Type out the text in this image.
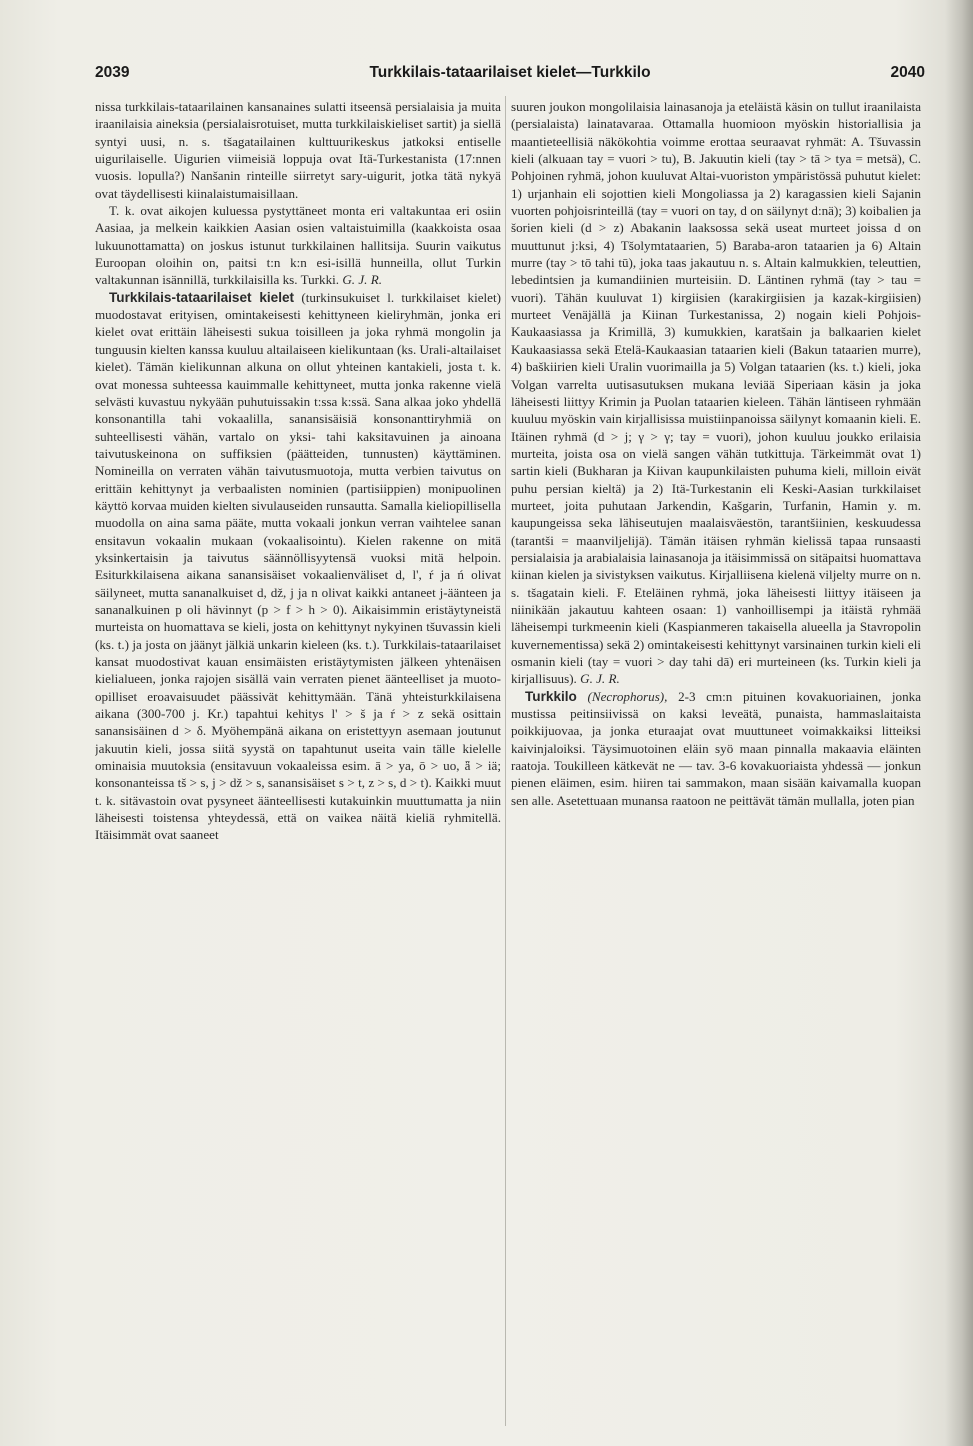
2039	Turkkilais-tataarilaiset kielet—Turkkilo	2040

nissa turkkilais-tataarilainen kansanaines sulatti itseensä persialaisia ja muita iraanilaisia aineksia (persialaisrotuiset, mutta turkkilaiskieliset sartit) ja siellä syntyi uusi, n. s. tšagatailainen kulttuurikeskus jatkoksi entiselle uigurilaiselle. Uigurien viimeisiä loppuja ovat Itä-Turkestanista (17:nnen vuosis. lopulla?) Nanšanin rinteille siirretyt sary-uigurit, jotka tätä nykyä ovat täydellisesti kiinalaistumaisillaan.

T. k. ovat aikojen kuluessa pystyttäneet monta eri valtakuntaa eri osiin Aasiaa, ja melkein kaikkien Aasian osien valtaistuimilla (kaakkoista osaa lukuunottamatta) on joskus istunut turkkilainen hallitsija. Suurin vaikutus Euroopan oloihin on, paitsi t:n k:n esi-isillä hunneilla, ollut Turkin valtakunnan isännillä, turkkilaisilla ks. Turkki. G. J. R.

Turkkilais-tataarilaiset kielet (turkinsukuiset l. turkkilaiset kielet) muodostavat erityisen, omintakeisesti kehittyneen kieliryhmän, jonka eri kielet ovat erittäin läheisesti sukua toisilleen ja joka ryhmä mongolin ja tunguusin kielten kanssa kuuluu altailaiseen kielikuntaan (ks. Urali-altailaiset kielet). Tämän kielikunnan alkuna on ollut yhteinen kantakieli, josta t. k. ovat monessa suhteessa kauimmalle kehittyneet, mutta jonka rakenne vielä selvästi kuvastuu nykyään puhutuissakin t:ssa k:ssä. Sana alkaa joko yhdellä konsonantilla tahi vokaalilla, sanansisäisiä konsonanttiryhmiä on suhteellisesti vähän, vartalo on yksi- tahi kaksitavuinen ja ainoana taivutuskeinona on suffiksien (päätteiden, tunnusten) käyttäminen. Nomineilla on verraten vähän taivutusmuotoja, mutta verbien taivutus on erittäin kehittynyt ja verbaalisten nominien (partisiippien) monipuolinen käyttö korvaa muiden kielten sivulauseiden runsautta. Samalla kieliopillisella muodolla on aina sama pääte, mutta vokaali jonkun verran vaihtelee sanan ensitavun vokaalin mukaan (vokaalisointu). Kielen rakenne on mitä yksinkertaisin ja taivutus säännöllisyytensä vuoksi mitä helpoin. Esiturkkilaisena aikana sanansisäiset vokaalienväliset d, l', ŕ ja ń olivat säilyneet, mutta sananalkuiset d, dž, j ja n olivat kaikki antaneet j-äänteen ja sananalkuinen p oli hävinnyt (p > f > h > 0). Aikaisimmin eristäytyneistä murteista on huomattava se kieli, josta on kehittynyt nykyinen tšuvassin kieli (ks. t.) ja josta on jäänyt jälkiä unkarin kieleen (ks. t.). Turkkilais-tataarilaiset kansat muodostivat kauan ensimäisten eristäytymisten jälkeen yhtenäisen kielialueen, jonka rajojen sisällä vain verraten pienet äänteelliset ja muoto-opilliset eroavaisuudet päässivät kehittymään. Tänä yhteisturkkilaisena aikana (300-700 j. Kr.) tapahtui kehitys l' > š ja ŕ > z sekä osittain sanansisäinen d > δ. Myöhempänä aikana on eristettyyn asemaan joutunut jakuutin kieli, jossa siitä syystä on tapahtunut useita vain tälle kielelle ominaisia muutoksia (ensitavuun vokaaleissa esim. ā > ya, ō > uo, ǟ > iä; konsonanteissa tš > s, j > dž > s, sanansisäiset s > t, z > s, d > t). Kaikki muut t. k. sitävastoin ovat pysyneet äänteellisesti kutakuinkin muuttumatta ja niin läheisesti toistensa yhteydessä, että on vaikea näitä kieliä ryhmitellä. Itäisimmät ovat saaneet

suuren joukon mongolilaisia lainasanoja ja eteläistä käsin on tullut iraanilaista (persialaista) lainatavaraa. Ottamalla huomioon myöskin historiallisia ja maantieteellisiä näkökohtia voimme erottaa seuraavat ryhmät: A. Tšuvassin kieli (alkuaan tay = vuori > tu), B. Jakuutin kieli (tay > tā > tya = metsä), C. Pohjoinen ryhmä, johon kuuluvat Altai-vuoriston ympäristössä puhutut kielet: 1) urjanhain eli sojottien kieli Mongoliassa ja 2) karagassien kieli Sajanin vuorten pohjoisrinteillä (tay = vuori on tay, d on säilynyt d:nä); 3) koibalien ja šorien kieli (d > z) Abakanin laaksossa sekä useat murteet joissa d on muuttunut j:ksi, 4) Tšolymtataarien, 5) Baraba-aron tataarien ja 6) Altain murre (tay > tō tahi tū), joka taas jakautuu n. s. Altain kalmukkien, teleuttien, lebedintsien ja kumandiinien murteisiin. D. Läntinen ryhmä (tay > tau = vuori). Tähän kuuluvat 1) kirgiisien (karakirgiisien ja kazak-kirgiisien) murteet Venäjällä ja Kiinan Turkestanissa, 2) nogain kieli Pohjois-Kaukaasiassa ja Krimillä, 3) kumukkien, karatšain ja balkaarien kielet Kaukaasiassa sekä Etelä-Kaukaasian tataarien kieli (Bakun tataarien murre), 4) baškiirien kieli Uralin vuorimailla ja 5) Volgan tataarien (ks. t.) kieli, joka Volgan varrelta uutisasutuksen mukana leviää Siperiaan käsin ja joka läheisesti liittyy Krimin ja Puolan tataarien kieleen. Tähän läntiseen ryhmään kuuluu myöskin vain kirjallisissa muistiinpanoissa säilynyt komaanin kieli. E. Itäinen ryhmä (d > j; γ > γ; tay = vuori), johon kuuluu joukko erilaisia murteita, joista osa on vielä sangen vähän tutkittuja. Tärkeimmät ovat 1) sartin kieli (Bukharan ja Kiivan kaupunkilaisten puhuma kieli, milloin eivät puhu persian kieltä) ja 2) Itä-Turkestanin eli Keski-Aasian turkkilaiset murteet, joita puhutaan Jarkendin, Kašgarin, Turfanin, Hamin y. m. kaupungeissa seka lähiseutujen maalaisväestön, tarantšiinien, keskuudessa (tarantši = maanviljelijä). Tämän itäisen ryhmän kielissä tapaa runsaasti persialaisia ja arabialaisia lainasanoja ja itäisimmissä on sitäpaitsi huomattava kiinan kielen ja sivistyksen vaikutus. Kirjalliisena kielenä viljelty murre on n. s. tšagatain kieli. F. Eteläinen ryhmä, joka läheisesti liittyy itäiseen ja niinikään jakautuu kahteen osaan: 1) vanhoillisempi ja itäistä ryhmää läheisempi turkmeenin kieli (Kaspianmeren takaisella alueella ja Stavropolin kuvernementissa) sekä 2) omintakeisesti kehittynyt varsinainen turkin kieli eli osmanin kieli (tay = vuori > day tahi dā) eri murteineen (ks. Turkin kieli ja kirjallisuus). G. J. R.

Turkkilo (Necrophorus), 2-3 cm:n pituinen kovakuoriainen, jonka mustissa peitinsiivissä on kaksi leveätä, punaista, hammaslaitaista poikkijuovaa, ja jonka eturaajat ovat muuttuneet voimakkaiksi litteiksi kaivinjaloiksi. Täysimuotoinen eläin syö maan pinnalla makaavia eläinten raatoja. Toukilleen kätkevät ne — tav. 3-6 kovakuoriaista yhdessä — jonkun pienen eläimen, esim. hiiren tai sammakon, maan sisään kaivamalla kuopan sen alle. Asetettuaan munansa raatoon ne peittävät tämän mullalla, joten pian
